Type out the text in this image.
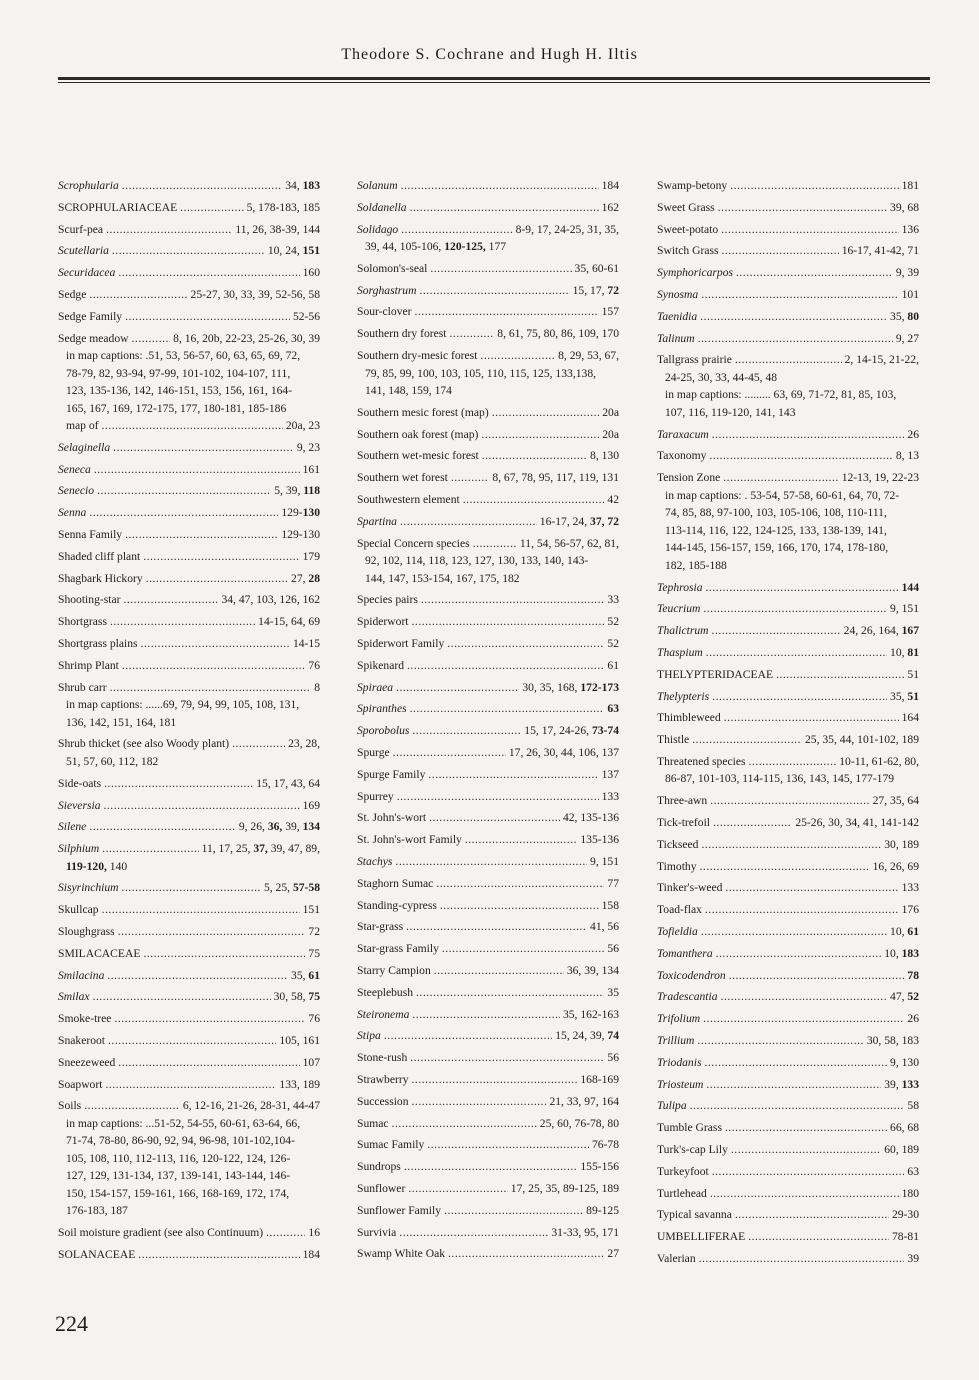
Theodore S. Cochrane and Hugh H. Iltis
Scrophularia .....	34, 183
SCROPHULARIACEAE .....	5, 178-183, 185
Scurf-pea .....	11, 26, 38-39, 144
Scutellaria .....	10, 24, 151
Securidacea .....	160
Sedge .....	25-27, 30, 33, 39, 52-56, 58
Sedge Family .....	52-56
Sedge meadow .....	8, 16, 20b, 22-23, 25-26, 30, 39
in map captions: .51, 53, 56-57, 60, 63, 65, 69, 72,
78-79, 82, 93-94, 97-99, 101-102, 104-107, 111,
123, 135-136, 142, 146-151, 153, 156, 161, 164-
165, 167, 169, 172-175, 177, 180-181, 185-186
map of .....	20a, 23
Selaginella .....	9, 23
Seneca .....	161
Senecio .....	5, 39, 118
Senna .....	129-130
Senna Family .....	129-130
Shaded cliff plant .....	179
Shagbark Hickory .....	27, 28
Shooting-star .....	34, 47, 103, 126, 162
Shortgrass .....	14-15, 64, 69
Shortgrass plains .....	14-15
Shrimp Plant .....	76
Shrub carr .....	8
in map captions: ......69, 79, 94, 99, 105, 108, 131,
136, 142, 151, 164, 181
Shrub thicket (see also Woody plant) .....	23, 28,
51, 57, 60, 112, 182
Side-oats .....	15, 17, 43, 64
Sieversia .....	169
Silene .....	9, 26, 36, 39, 134
Silphium .....	11, 17, 25, 37, 39, 47, 89,
119-120, 140
Sisyrinchium .....	5, 25, 57-58
Skullcap .....	151
Sloughgrass .....	72
SMILACACEAE .....	75
Smilacina .....	35, 61
Smilax .....	30, 58, 75
Smoke-tree .....	76
Snakeroot .....	105, 161
Sneezeweed .....	107
Soapwort .....	133, 189
Soils .....	6, 12-16, 21-26, 28-31, 44-47
in map captions: ...51-52, 54-55, 60-61, 63-64, 66,
71-74, 78-80, 86-90, 92, 94, 96-98, 101-102,104-
105, 108, 110, 112-113, 116, 120-122, 124, 126-
127, 129, 131-134, 137, 139-141, 143-144, 146-
150, 154-157, 159-161, 166, 168-169, 172, 174,
176-183, 187
Soil moisture gradient (see also Continuum) .....	16
SOLANACEAE .....	184
Solanum .....	184
Soldanella .....	162
Solidago .....	8-9, 17, 24-25, 31, 35,
39, 44, 105-106, 120-125, 177
Solomon's-seal .....	35, 60-61
Sorghastrum .....	15, 17, 72
Sour-clover .....	157
Southern dry forest .....	8, 61, 75, 80, 86, 109, 170
Southern dry-mesic forest .....	8, 29, 53, 67,
79, 85, 99, 100, 103, 105, 110, 115, 125, 133,138,
141, 148, 159, 174
Southern mesic forest (map) .....	20a
Southern oak forest (map) .....	20a
Southern wet-mesic forest .....	8, 130
Southern wet forest .....	8, 67, 78, 95, 117, 119, 131
Southwestern element .....	42
Spartina .....	16-17, 24, 37, 72
Special Concern species .....	11, 54, 56-57, 62, 81,
92, 102, 114, 118, 123, 127, 130, 133, 140, 143-
144, 147, 153-154, 167, 175, 182
Species pairs .....	33
Spiderwort .....	52
Spiderwort Family .....	52
Spikenard .....	61
Spiraea .....	30, 35, 168, 172-173
Spiranthes .....	63
Sporobolus .....	15, 17, 24-26, 73-74
Spurge .....	17, 26, 30, 44, 106, 137
Spurge Family .....	137
Spurrey .....	133
St. John's-wort .....	42, 135-136
St. John's-wort Family .....	135-136
Stachys .....	9, 151
Staghorn Sumac .....	77
Standing-cypress .....	158
Star-grass .....	41, 56
Star-grass Family .....	56
Starry Campion .....	36, 39, 134
Steeplebush .....	35
Steironema .....	35, 162-163
Stipa .....	15, 24, 39, 74
Stone-rush .....	56
Strawberry .....	168-169
Succession .....	21, 33, 97, 164
Sumac .....	25, 60, 76-78, 80
Sumac Family .....	76-78
Sundrops .....	155-156
Sunflower .....	17, 25, 35, 89-125, 189
Sunflower Family .....	89-125
Survivia .....	31-33, 95, 171
Swamp White Oak .....	27
Swamp-betony .....	181
Sweet Grass .....	39, 68
Sweet-potato .....	136
Switch Grass .....	16-17, 41-42, 71
Symphoricarpos .....	9, 39
Synosma .....	101
Taenidia .....	35, 80
Talinum .....	9, 27
Tallgrass prairie .....	2, 14-15, 21-22,
24-25, 30, 33, 44-45, 48
in map captions: ......... 63, 69, 71-72, 81, 85, 103,
107, 116, 119-120, 141, 143
Taraxacum .....	26
Taxonomy .....	8, 13
Tension Zone .....	12-13, 19, 22-23
in map captions: . 53-54, 57-58, 60-61, 64, 70, 72-
74, 85, 88, 97-100, 103, 105-106, 108, 110-111,
113-114, 116, 122, 124-125, 133, 138-139, 141,
144-145, 156-157, 159, 166, 170, 174, 178-180,
182, 185-188
Tephrosia .....	144
Teucrium .....	9, 151
Thalictrum .....	24, 26, 164, 167
Thaspium .....	10, 81
THELYPTERIDACEAE .....	51
Thelypteris .....	35, 51
Thimbleweed .....	164
Thistle .....	25, 35, 44, 101-102, 189
Threatened species .....	10-11, 61-62, 80,
86-87, 101-103, 114-115, 136, 143, 145, 177-179
Three-awn .....	27, 35, 64
Tick-trefoil .....	25-26, 30, 34, 41, 141-142
Tickseed .....	30, 189
Timothy .....	16, 26, 69
Tinker's-weed .....	133
Toad-flax .....	176
Tofieldia .....	10, 61
Tomanthera .....	10, 183
Toxicodendron .....	78
Tradescantia .....	47, 52
Trifolium .....	26
Trillium .....	30, 58, 183
Triodanis .....	9, 130
Triosteum .....	39, 133
Tulipa .....	58
Tumble Grass .....	66, 68
Turk's-cap Lily .....	60, 189
Turkeyfoot .....	63
Turtlehead .....	180
Typical savanna .....	29-30
UMBELLIFERAE .....	78-81
Valerian .....	39
224
